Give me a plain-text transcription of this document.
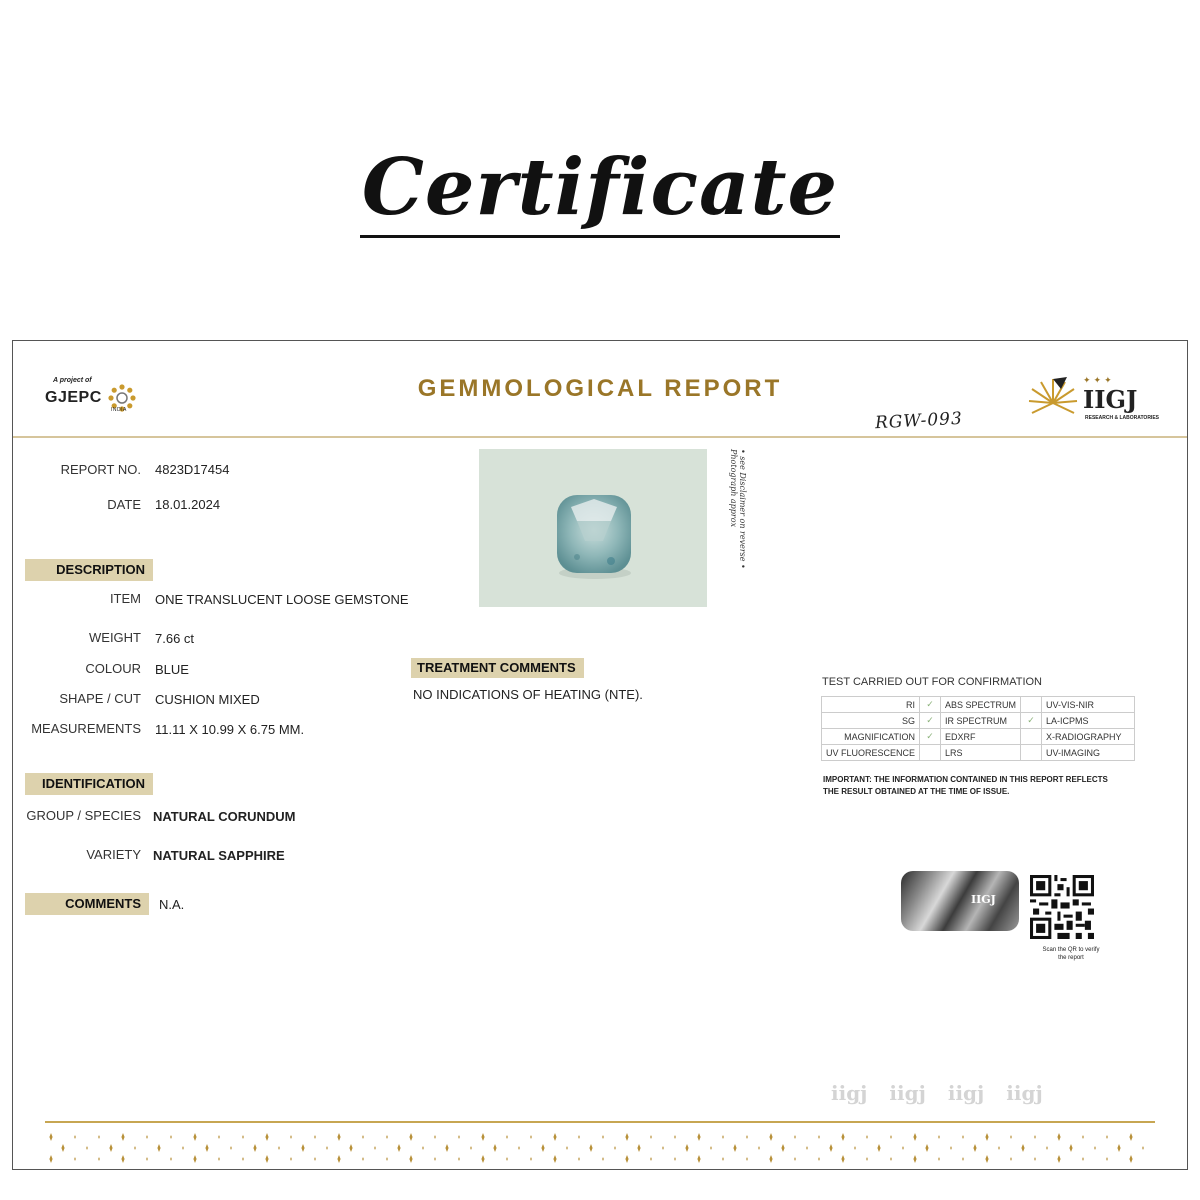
Certificate
A project of
GJEPC
INDIA
GEMMOLOGICAL REPORT	✦✦✦
IIGJ
RESEARCH & LABORATORIES
RGW-093
REPORT NO. 4823D17454
DATE 18.01.2024
DESCRIPTION
ITEM ONE TRANSLUCENT LOOSE GEMSTONE
WEIGHT 7.66 ct
COLOUR BLUE
SHAPE / CUT CUSHION MIXED
MEASUREMENTS 11.11 X 10.99 X 6.75 MM.
IDENTIFICATION
GROUP / SPECIES NATURAL CORUNDUM
VARIETY NATURAL SAPPHIRE
COMMENTS	N.A.
• see Disclaimer on reverse • Photograph approx
TREATMENT COMMENTS
NO INDICATIONS OF HEATING (NTE).
TEST CARRIED OUT FOR CONFIRMATION
RI	✓	ABS SPECTRUM		UV-VIS-NIR
SG	✓	IR SPECTRUM	✓	LA-ICPMS
MAGNIFICATION	✓	EDXRF		X-RADIOGRAPHY
UV FLUORESCENCE		LRS		UV-IMAGING
IMPORTANT: THE INFORMATION CONTAINED IN THIS REPORT REFLECTS THE RESULT OBTAINED AT THE TIME OF ISSUE.
IIGJ
Scan the QR to verify the report
iigj iigj iigj iigj
